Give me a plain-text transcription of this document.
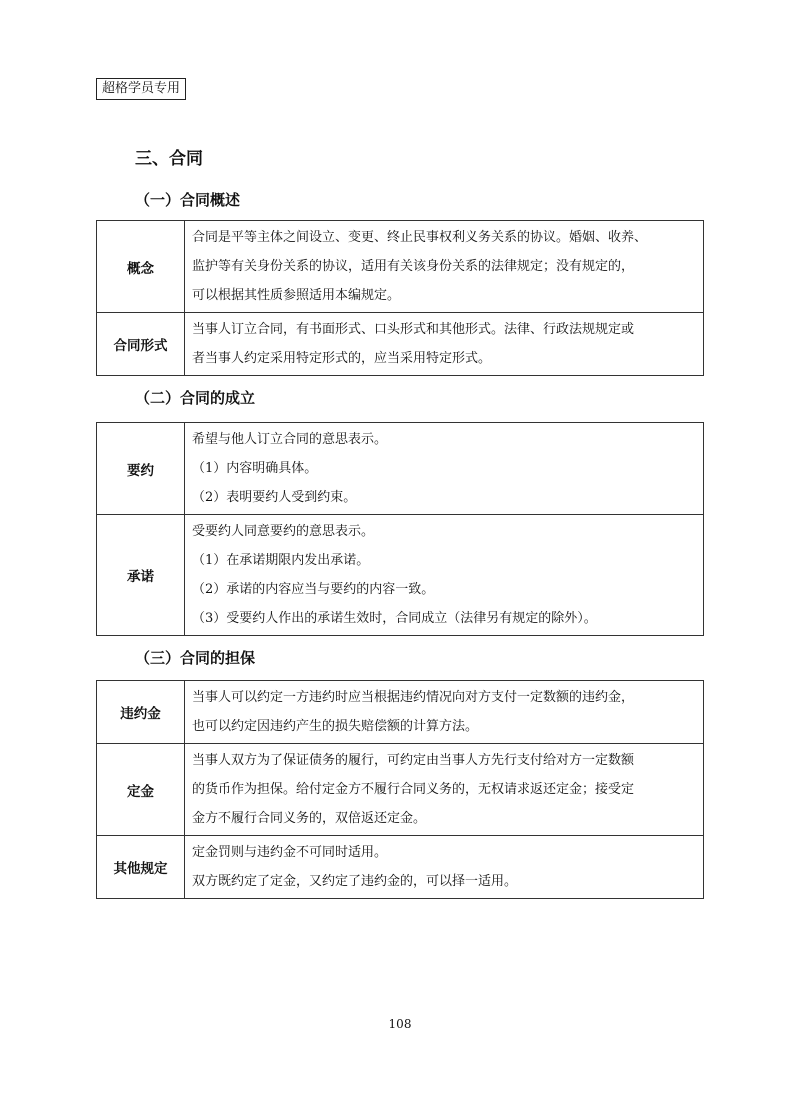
超格学员专用
三、合同
（一）合同概述
概念	合同是平等主体之间设立、变更、终止民事权利义务关系的协议。婚姻、收养、
监护等有关身份关系的协议，适用有关该身份关系的法律规定；没有规定的，
可以根据其性质参照适用本编规定。

合同形式	当事人订立合同，有书面形式、口头形式和其他形式。法律、行政法规规定或
者当事人约定采用特定形式的，应当采用特定形式。
（二）合同的成立
要约	希望与他人订立合同的意思表示。
（1）内容明确具体。
（2）表明要约人受到约束。

承诺	受要约人同意要约的意思表示。
（1）在承诺期限内发出承诺。
（2）承诺的内容应当与要约的内容一致。
（3）受要约人作出的承诺生效时，合同成立（法律另有规定的除外）。
（三）合同的担保
违约金	当事人可以约定一方违约时应当根据违约情况向对方支付一定数额的违约金，
也可以约定因违约产生的损失赔偿额的计算方法。

定金	当事人双方为了保证债务的履行，可约定由当事人方先行支付给对方一定数额
的货币作为担保。给付定金方不履行合同义务的，无权请求返还定金；接受定
金方不履行合同义务的，双倍返还定金。

其他规定	定金罚则与违约金不可同时适用。
双方既约定了定金，又约定了违约金的，可以择一适用。
108
